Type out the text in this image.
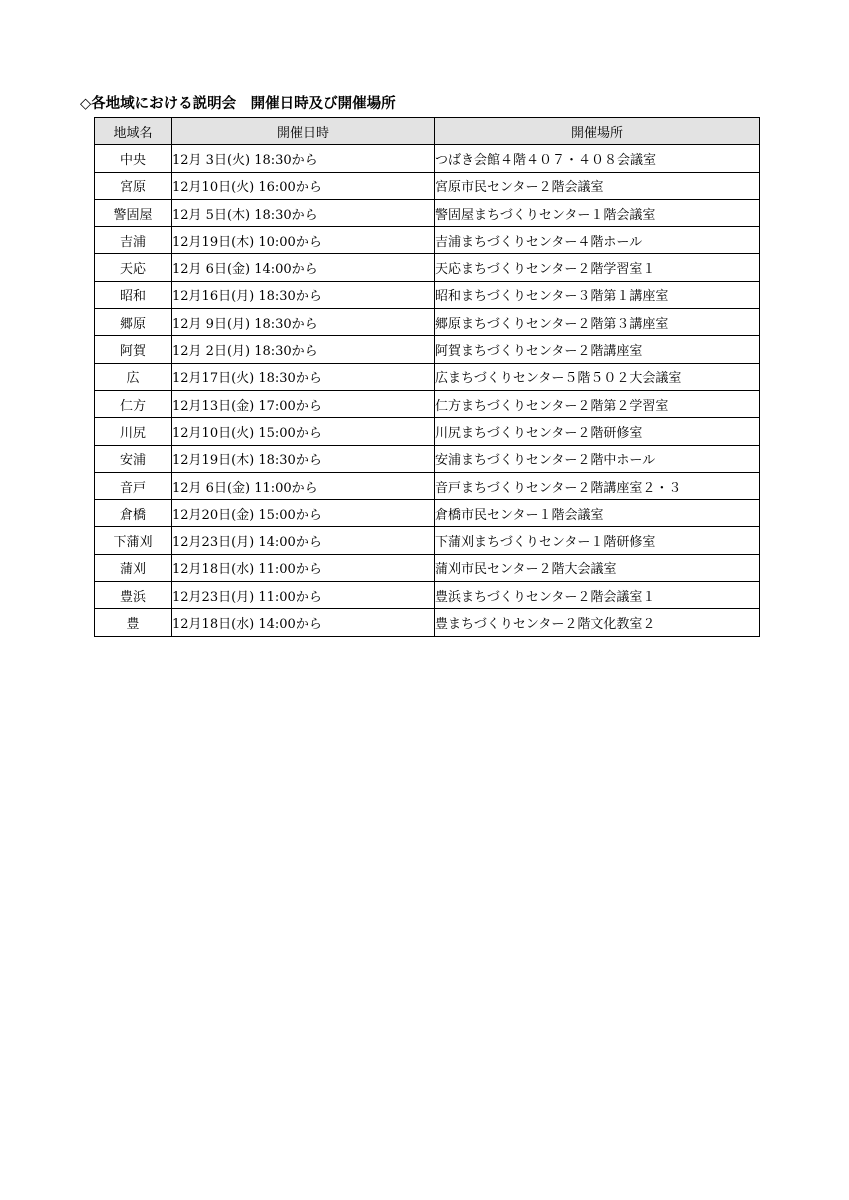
◇各地域における説明会　開催日時及び開催場所
地域名	開催日時	開催場所
中央	12月 3日(火) 18:30から	つばき会館４階４０７・４０８会議室
宮原	12月10日(火) 16:00から	宮原市民センター２階会議室
警固屋	12月 5日(木) 18:30から	警固屋まちづくりセンター１階会議室
吉浦	12月19日(木) 10:00から	吉浦まちづくりセンター４階ホール
天応	12月 6日(金) 14:00から	天応まちづくりセンター２階学習室１
昭和	12月16日(月) 18:30から	昭和まちづくりセンター３階第１講座室
郷原	12月 9日(月) 18:30から	郷原まちづくりセンター２階第３講座室
阿賀	12月 2日(月) 18:30から	阿賀まちづくりセンター２階講座室
広	12月17日(火) 18:30から	広まちづくりセンター５階５０２大会議室
仁方	12月13日(金) 17:00から	仁方まちづくりセンター２階第２学習室
川尻	12月10日(火) 15:00から	川尻まちづくりセンター２階研修室
安浦	12月19日(木) 18:30から	安浦まちづくりセンター２階中ホール
音戸	12月 6日(金) 11:00から	音戸まちづくりセンター２階講座室２・３
倉橋	12月20日(金) 15:00から	倉橋市民センター１階会議室
下蒲刈	12月23日(月) 14:00から	下蒲刈まちづくりセンター１階研修室
蒲刈	12月18日(水) 11:00から	蒲刈市民センター２階大会議室
豊浜	12月23日(月) 11:00から	豊浜まちづくりセンター２階会議室１
豊	12月18日(水) 14:00から	豊まちづくりセンター２階文化教室２
